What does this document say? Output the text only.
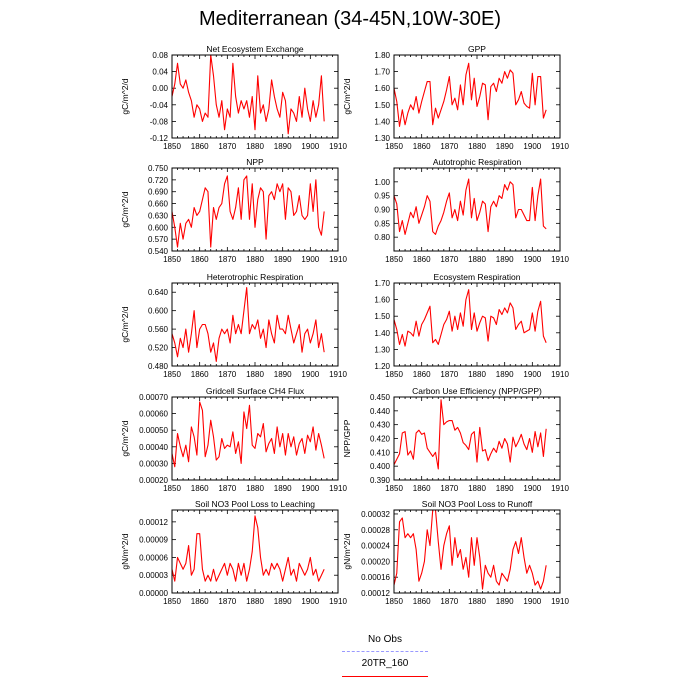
Mediterranean (34-45N,10W-30E)
Net Ecosystem Exchange
gC/m^2/d
1850 1860 1870 1880 1890 1900 1910
-0.12
-0.08
-0.04
0.00
0.04
0.08
GPP
gC/m^2/d
1850 1860 1870 1880 1890 1900 1910
1.30
1.40
1.50
1.60
1.70
1.80
NPP
gC/m^2/d
1850 1860 1870 1880 1890 1900 1910
0.540
0.570
0.600
0.630
0.660
0.690
0.720
0.750
Autotrophic Respiration
1850 1860 1870 1880 1890 1900 1910
0.80
0.85
0.90
0.95
1.00
Heterotrophic Respiration
gC/m^2/d
1850 1860 1870 1880 1890 1900 1910
0.480
0.520
0.560
0.600
0.640
Ecosystem Respiration
1850 1860 1870 1880 1890 1900 1910
1.20
1.30
1.40
1.50
1.60
1.70
Gridcell Surface CH4 Flux
gC/m^2/d
1850 1860 1870 1880 1890 1900 1910
0.00020
0.00030
0.00040
0.00050
0.00060
0.00070
Carbon Use Efficiency (NPP/GPP)
NPP/GPP
1850 1860 1870 1880 1890 1900 1910
0.390
0.400
0.410
0.420
0.430
0.440
0.450
Soil NO3 Pool Loss to Leaching
gN/m^2/d
1850 1860 1870 1880 1890 1900 1910
0.00000
0.00003
0.00006
0.00009
0.00012
Soil NO3 Pool Loss to Runoff
gN/m^2/d
1850 1860 1870 1880 1890 1900 1910
0.00012
0.00016
0.00020
0.00024
0.00028
0.00032
No Obs
20TR_160
